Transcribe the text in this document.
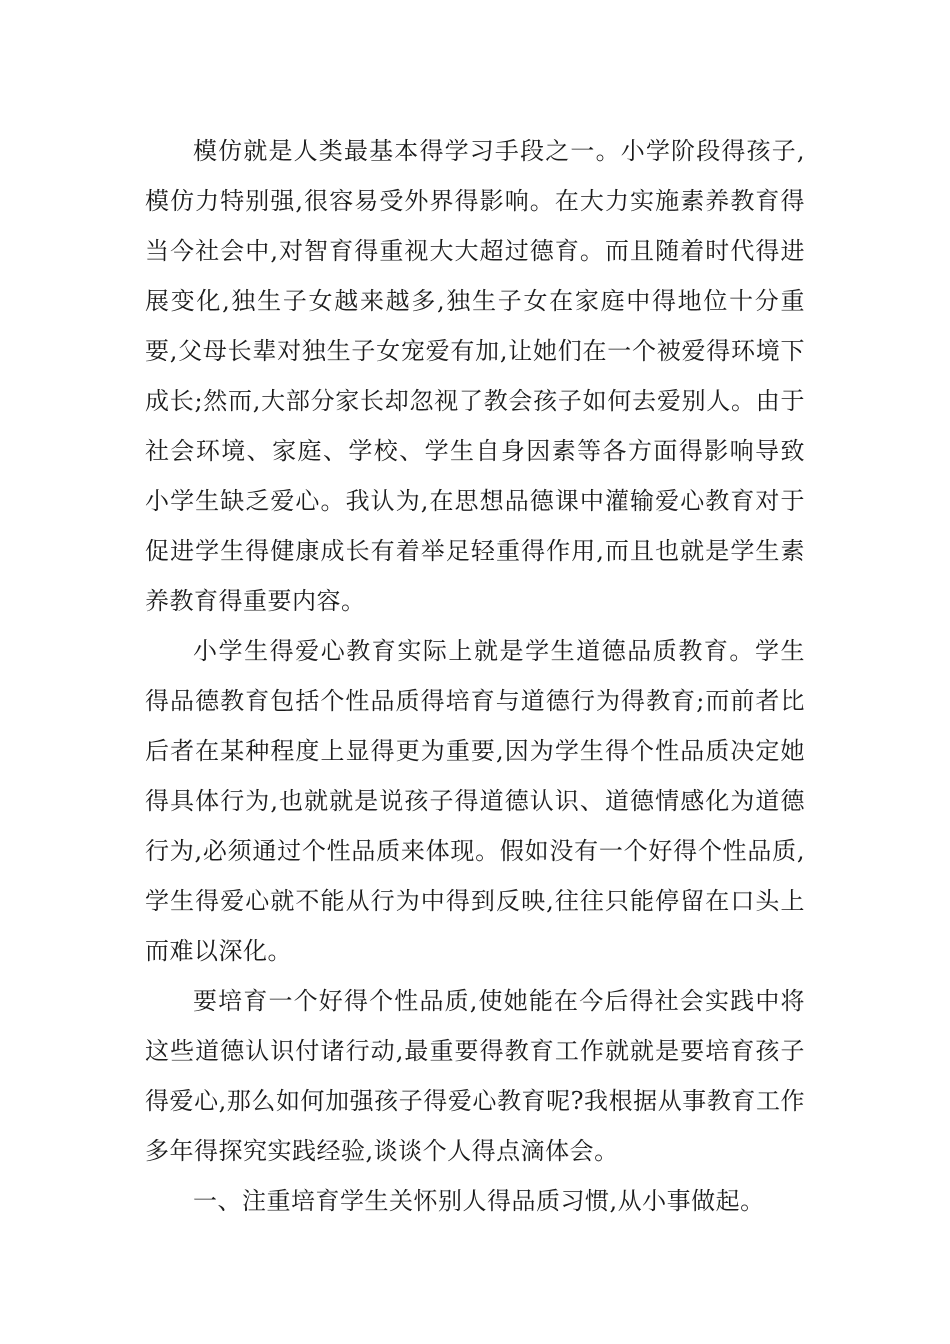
模仿就是人类最基本得学习手段之一。小学阶段得孩子,模仿力特别强,很容易受外界得影响。在大力实施素养教育得当今社会中,对智育得重视大大超过德育。而且随着时代得进展变化,独生子女越来越多,独生子女在家庭中得地位十分重要,父母长辈对独生子女宠爱有加,让她们在一个被爱得环境下成长;然而,大部分家长却忽视了教会孩子如何去爱别人。由于社会环境、家庭、学校、学生自身因素等各方面得影响导致小学生缺乏爱心。我认为,在思想品德课中灌输爱心教育对于促进学生得健康成长有着举足轻重得作用,而且也就是学生素养教育得重要内容。

小学生得爱心教育实际上就是学生道德品质教育。学生得品德教育包括个性品质得培育与道德行为得教育;而前者比后者在某种程度上显得更为重要,因为学生得个性品质决定她得具体行为,也就就是说孩子得道德认识、道德情感化为道德行为,必须通过个性品质来体现。假如没有一个好得个性品质,学生得爱心就不能从行为中得到反映,往往只能停留在口头上而难以深化。

要培育一个好得个性品质,使她能在今后得社会实践中将这些道德认识付诸行动,最重要得教育工作就就是要培育孩子得爱心,那么如何加强孩子得爱心教育呢?我根据从事教育工作多年得探究实践经验,谈谈个人得点滴体会。

一、注重培育学生关怀别人得品质习惯,从小事做起。
